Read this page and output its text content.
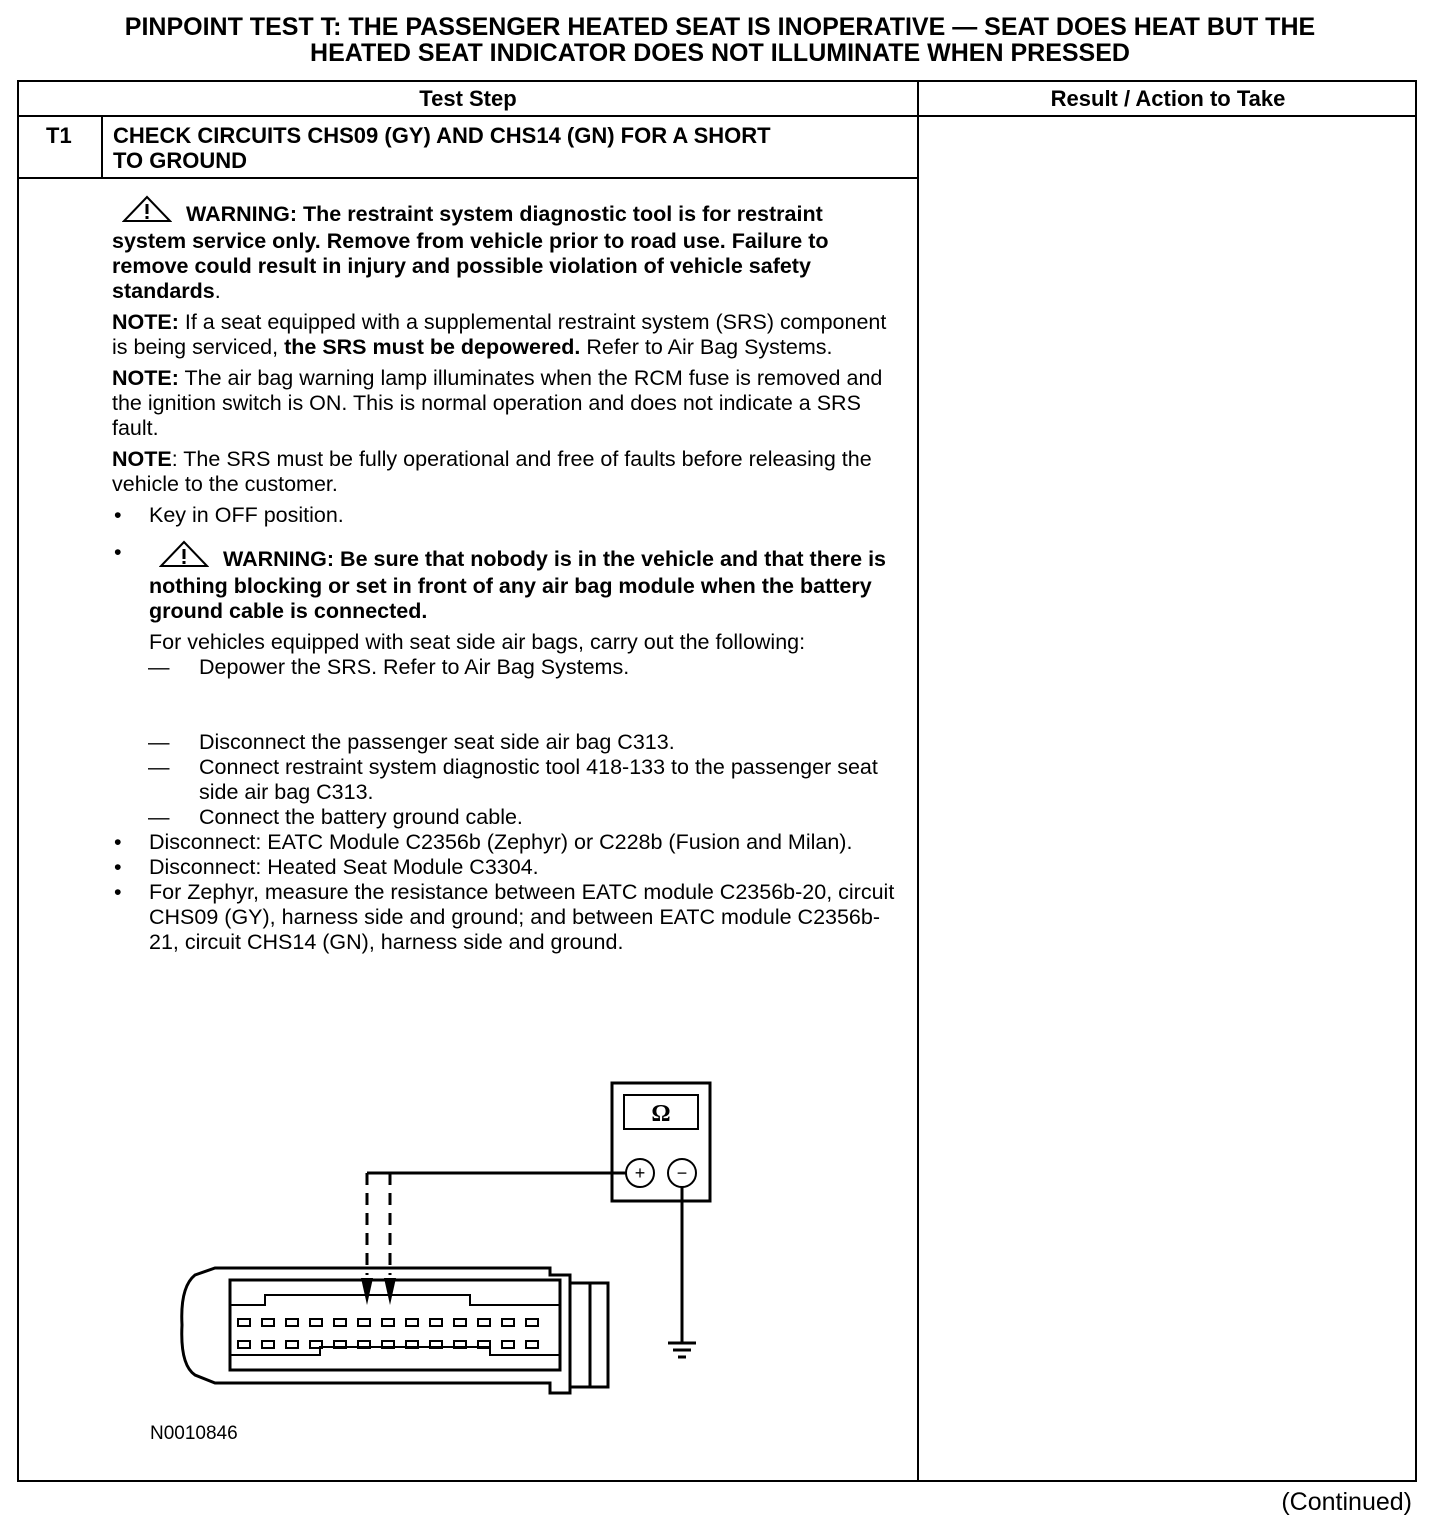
PINPOINT TEST T: THE PASSENGER HEATED SEAT IS INOPERATIVE — SEAT DOES HEAT BUT THE
HEATED SEAT INDICATOR DOES NOT ILLUMINATE WHEN PRESSED
Test Step	Result / Action to Take
T1 CHECK CIRCUITS CHS09 (GY) AND CHS14 (GN) FOR A SHORT
TO GROUND

WARNING: The restraint system diagnostic tool is for restraint system service only. Remove from vehicle prior to road use. Failure to remove could result in injury and possible violation of vehicle safety standards.

NOTE: If a seat equipped with a supplemental restraint system (SRS) component is being serviced, the SRS must be depowered. Refer to Air Bag Systems.

NOTE: The air bag warning lamp illuminates when the RCM fuse is removed and the ignition switch is ON. This is normal operation and does not indicate a SRS fault.

NOTE: The SRS must be fully operational and free of faults before releasing the vehicle to the customer.

• Key in OFF position.
•	WARNING: Be sure that nobody is in the vehicle and that there is nothing blocking or set in front of any air bag module when the battery ground cable is connected.
For vehicles equipped with seat side air bags, carry out the following:
— Depower the SRS. Refer to Air Bag Systems.
— Disconnect the passenger seat side air bag C313.
— Connect restraint system diagnostic tool 418-133 to the passenger seat side air bag C313.
— Connect the battery ground cable.
• Disconnect: EATC Module C2356b (Zephyr) or C228b (Fusion and Milan).
• Disconnect: Heated Seat Module C3304.
• For Zephyr, measure the resistance between EATC module C2356b-20, circuit CHS09 (GY), harness side and ground; and between EATC module C2356b-21, circuit CHS14 (GN), harness side and ground.
Ω
+ −
N0010846
(Continued)
